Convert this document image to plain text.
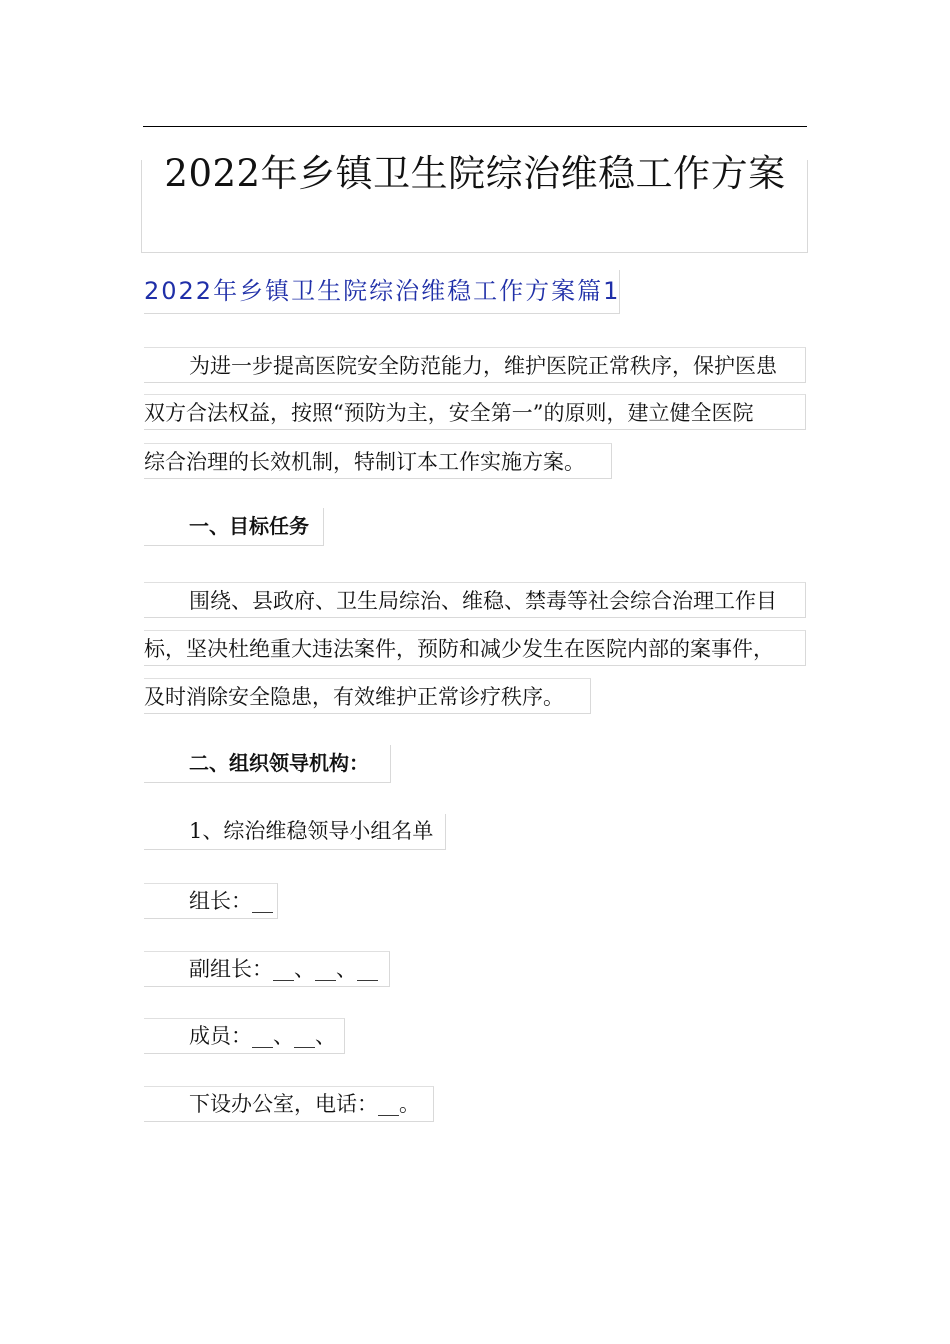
2022年乡镇卫生院综治维稳工作方案
2022年乡镇卫生院综治维稳工作方案篇1
为进一步提高医院安全防范能力，维护医院正常秩序，保护医患
双方合法权益，按照“预防为主，安全第一”的原则，建立健全医院
综合治理的长效机制，特制订本工作实施方案。
一、目标任务
围绕、县政府、卫生局综治、维稳、禁毒等社会综合治理工作目
标，坚决杜绝重大违法案件，预防和减少发生在医院内部的案事件，
及时消除安全隐患，有效维护正常诊疗秩序。
二、组织领导机构：
1、综治维稳领导小组名单
组长：__
副组长：__、__、__
成员：__、__、
下设办公室，电话：__。
